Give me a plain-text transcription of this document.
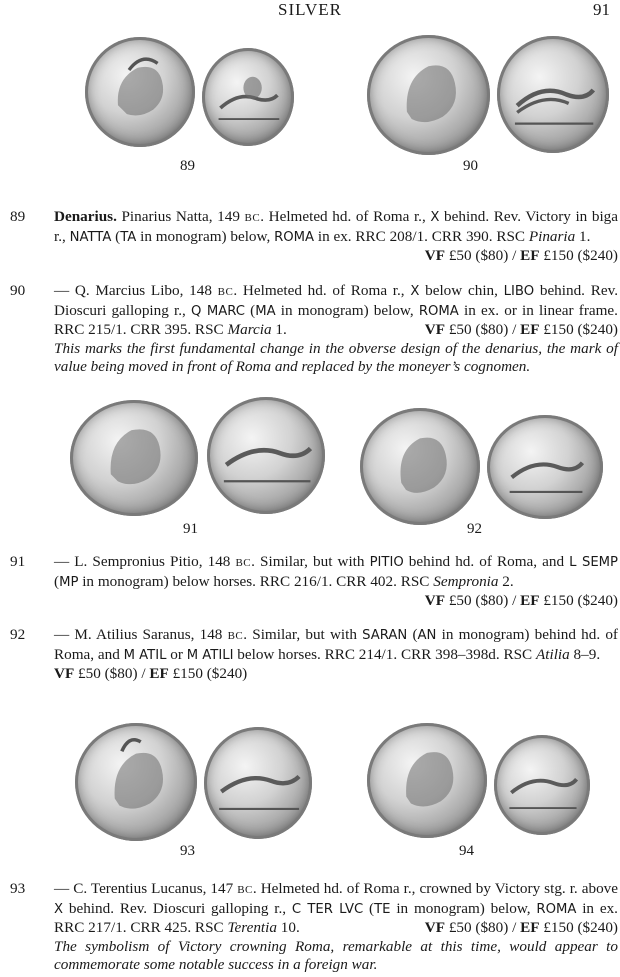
SILVER	91
89	90
89 Denarius. Pinarius Natta, 149 BC. Helmeted hd. of Roma r., X behind. Rev. Victory in biga r., NATTA (TA in monogram) below, ROMA in ex. RRC 208/1. CRR 390. RSC Pinaria 1.
VF £50 ($80) / EF £150 ($240)
90 — Q. Marcius Libo, 148 BC. Helmeted hd. of Roma r., X below chin, LIBO behind. Rev. Dioscuri galloping r., Q MARC (MA in monogram) below, ROMA in ex. or in linear frame. RRC 215/1. CRR 395. RSC Marcia 1.	VF £50 ($80) / EF £150 ($240)
This marks the first fundamental change in the obverse design of the denarius, the mark of value being moved in front of Roma and replaced by the moneyer’s cognomen.
91	92
91 — L. Sempronius Pitio, 148 BC. Similar, but with PITIO behind hd. of Roma, and L SEMP (MP in monogram) below horses. RRC 216/1. CRR 402. RSC Sempronia 2.
VF £50 ($80) / EF £150 ($240)
92 — M. Atilius Saranus, 148 BC. Similar, but with SARAN (AN in monogram) behind hd. of Roma, and M ATIL or M ATILI below horses. RRC 214/1. CRR 398–398d. RSC Atilia 8–9.
VF £50 ($80) / EF £150 ($240)
93	94
93 — C. Terentius Lucanus, 147 BC. Helmeted hd. of Roma r., crowned by Victory stg. r. above X behind. Rev. Dioscuri galloping r., C TER LVC (TE in monogram) below, ROMA in ex. RRC 217/1. CRR 425. RSC Terentia 10.	VF £50 ($80) / EF £150 ($240)
The symbolism of Victory crowning Roma, remarkable at this time, would appear to commemorate some notable success in a foreign war.
